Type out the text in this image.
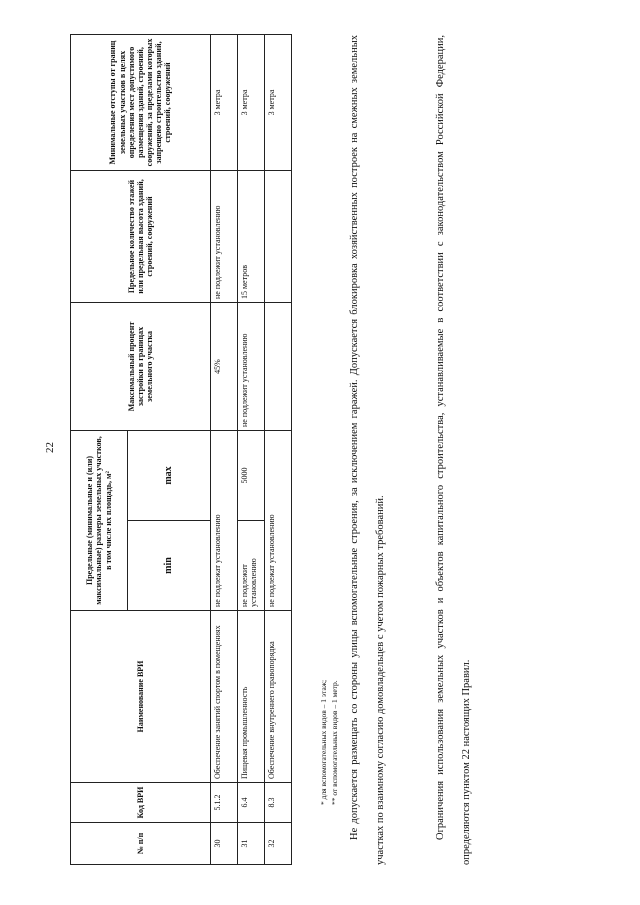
22
№ п/п	Код ВРИ	Наименование ВРИ	Предельные (минимальные и (или) максимальные) размеры земельных участков, в том числе их площадь, м²		Максимальный процент застройки в границах земельного участка	Предельное количество этажей или предельная высота зданий, строений, сооружений	Минимальные отступы от границ земельных участков в целях определения мест допустимого размещения зданий, строений, сооружений, за пределами которых запрещено строительство зданий, строений, сооружений
			min	max			
30	5.1.2	Обеспечение занятий спортом в помещениях	не подлежат установлению		45%	не подлежит установлению	3 метра
31	6.4	Пищевая промышленность	не подлежит установлению	5000	не подлежит установлению	15 метров	3 метра
32	8.3	Обеспечение внутреннего правопорядка	не подлежат установлению				3 метра
* для вспомогательных видов – 1 этаж; ** от вспомогательных видов – 1 метр. Не допускается размещать со стороны улицы вспомогательные строения, за исключением гаражей. Допускается блокировка хозяйственных построек на смежных земельных участках по взаимному согласию домовладельцев с учетом пожарных требований.	Ограничения использования земельных участков и объектов капитального строительства, устанавливаемые в соответствии с законодательством Российской Федерации, определяются пунктом 22 настоящих Правил.
